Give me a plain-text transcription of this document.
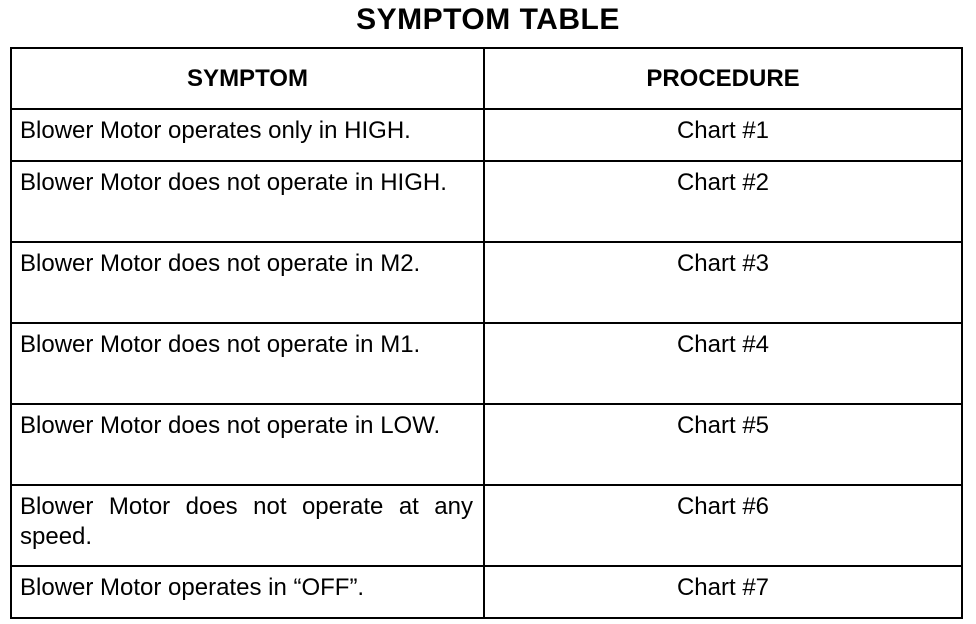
SYMPTOM TABLE
SYMPTOM	PROCEDURE

Blower Motor operates only in HIGH.	Chart #1

Blower Motor does not operate in HIGH.	Chart #2

Blower Motor does not operate in M2.	Chart #3

Blower Motor does not operate in M1.	Chart #4

Blower Motor does not operate in LOW.	Chart #5

Blower Motor does not operate at any speed.	Chart #6

Blower Motor operates in “OFF”.	Chart #7
